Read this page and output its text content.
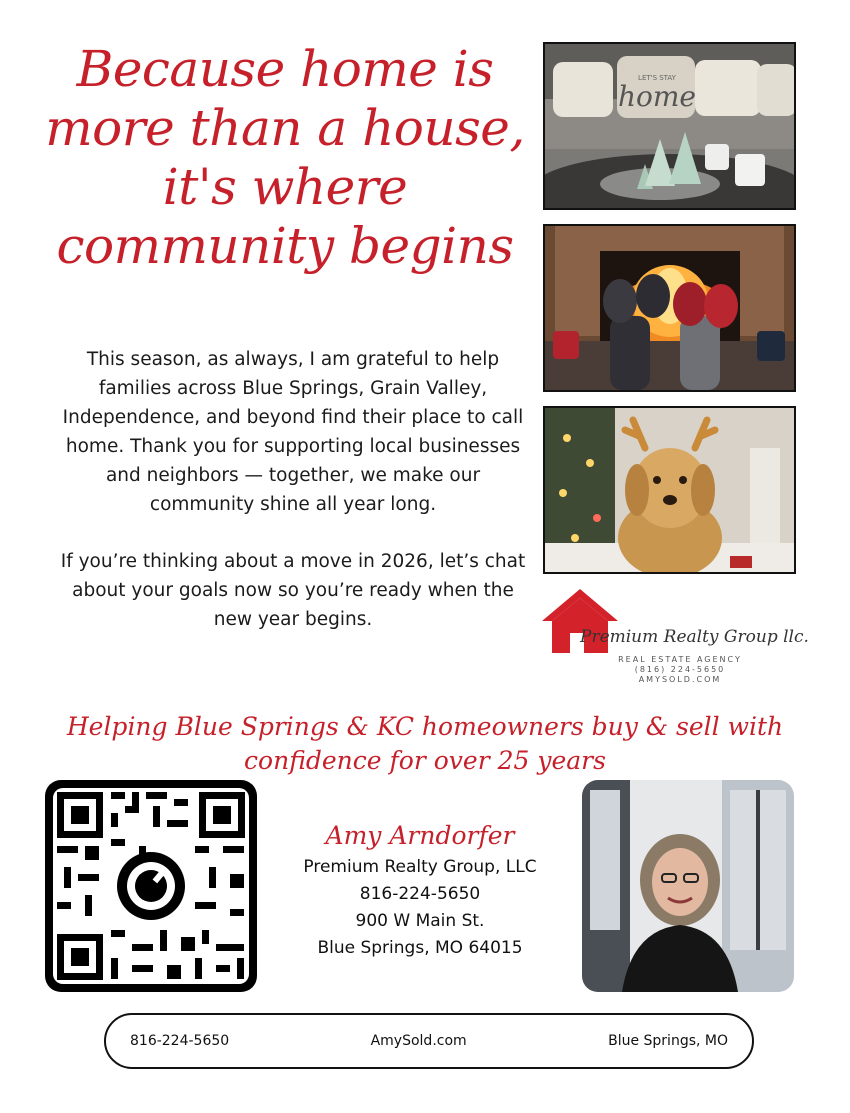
Because home is
more than a house,
it's where
community begins

This season, as always, I am grateful to help families across Blue Springs, Grain Valley, Independence, and beyond find their place to call home. Thank you for supporting local businesses and neighbors — together, we make our community shine all year long.

If you’re thinking about a move in 2026, let’s chat about your goals now so you’re ready when the new year begins.

LET'S STAY
home
Premium Realty Group llc.
REAL ESTATE AGENCY
(816) 224-5650
AMYSOLD.COM
Helping Blue Springs & KC homeowners buy & sell with confidence for over 25 years
Amy Arndorfer
Premium Realty Group, LLC
816-224-5650
900 W Main St.
Blue Springs, MO 64015
816-224-5650	AmySold.com	Blue Springs, MO
